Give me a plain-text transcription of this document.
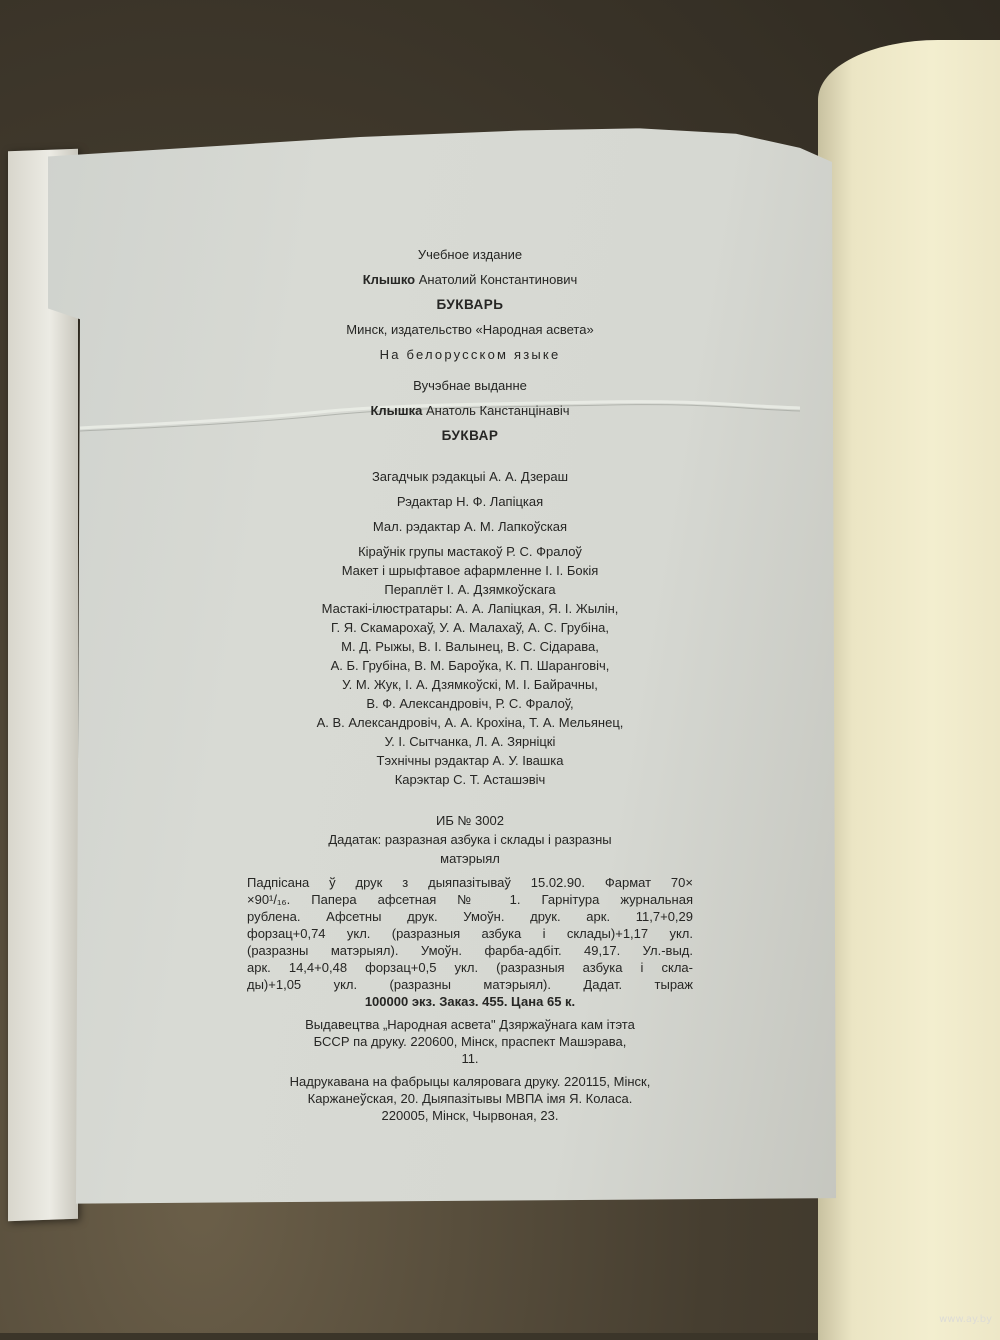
Учебное издание
Клышко Анатолий Константинович
БУКВАРЬ
Минск, издательство «Народная асвета»
На белорусском языке
Вучэбнае выданне
Клышка Анатоль Канстанцінавіч
БУКВАР
Загадчык рэдакцыі А. А. Дзераш
Рэдактар Н. Ф. Лапіцкая
Мал. рэдактар А. М. Лапкоўская
Кіраўнік групы мастакоў Р. С. Фралоў
Макет і шрыфтавое афармленне І. І. Бокія
Пераплёт І. А. Дзямкоўскага
Мастакі-ілюстратары: А. А. Лапіцкая, Я. І. Жылін,
Г. Я. Скамарохаў, У. А. Малахаў, А. С. Грубіна,
М. Д. Рыжы, В. І. Валынец, В. С. Сідарава,
А. Б. Грубіна, В. М. Бароўка, К. П. Шаранговіч,
У. М. Жук, І. А. Дзямкоўскі, М. І. Байрачны,
В. Ф. Александровіч, Р. С. Фралоў,
А. В. Александровіч, А. А. Крохіна, Т. А. Мельянец,
У. І. Сытчанка, Л. А. Зярніцкі
Тэхнічны рэдактар А. У. Івашка
Карэктар С. Т. Асташэвіч
ИБ № 3002
Дадатак: разразная азбука і склады і разразны
матэрыял
Падпісана ў друк з дыяпазітываў 15.02.90. Фармат 70×
×90¹/₁₆. Папера афсетная № 1. Гарнітура журнальная
рублена. Афсетны друк. Умоўн. друк. арк. 11,7+0,29
форзац+0,74 укл. (разразныя азбука і склады)+1,17 укл.
(разразны матэрыял). Умоўн. фарба-адбіт. 49,17. Ул.-выд.
арк. 14,4+0,48 форзац+0,5 укл. (разразныя азбука і скла-
ды)+1,05 укл. (разразны матэрыял). Дадат. тыраж
100000 экз. Заказ. 455. Цана 65 к.
Выдавецтва „Народная асвета" Дзяржаўнага кам ітэта
БССР па друку. 220600, Мінск, праспект Машэрава,
11.
Надрукавана на фабрыцы каляровага друку. 220115, Мінск,
Каржанеўская, 20. Дыяпазітывы МВПА імя Я. Коласа.
220005, Мінск, Чырвоная, 23.
www.ay.by
